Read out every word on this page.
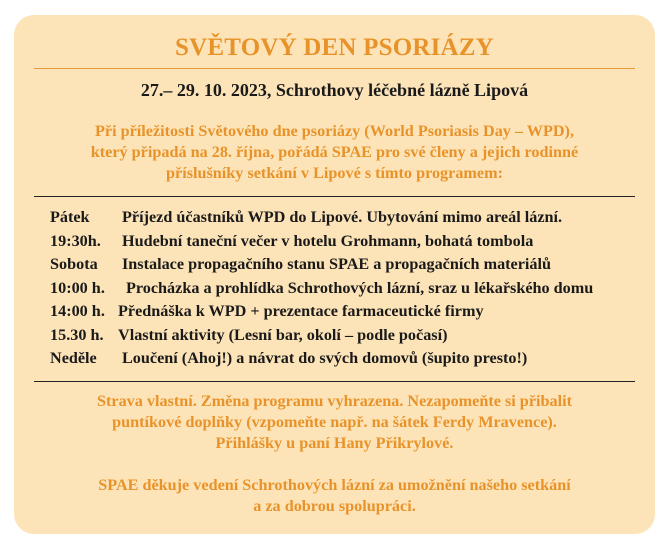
SVĚTOVÝ DEN PSORIÁZY
27.– 29. 10. 2023, Schrothovy léčebné lázně Lipová
Při příležitosti Světového dne psoriázy (World Psoriasis Day – WPD),
který připadá na 28. října, pořádá SPAE pro své členy a jejich rodinné
příslušníky setkání v Lipové s tímto programem:
Pátek Příjezd účastníků WPD do Lipové. Ubytování mimo areál lázní.
19:30h. Hudební taneční večer v hotelu Grohmann, bohatá tombola
Sobota Instalace propagačního stanu SPAE a propagačních materiálů
10:00 h. Procházka a prohlídka Schrothových lázní, sraz u lékařského domu
14:00 h. Přednáška k WPD + prezentace farmaceutické firmy
15.30 h. Vlastní aktivity (Lesní bar, okolí – podle počasí)
Neděle Loučení (Ahoj!) a návrat do svých domovů (šupito presto!)
Strava vlastní. Změna programu vyhrazena. Nezapomeňte si přibalit
puntíkové doplňky (vzpomeňte např. na šátek Ferdy Mravence).
Přihlášky u paní Hany Přikrylové.
SPAE děkuje vedení Schrothových lázní za umožnění našeho setkání
a za dobrou spolupráci.
